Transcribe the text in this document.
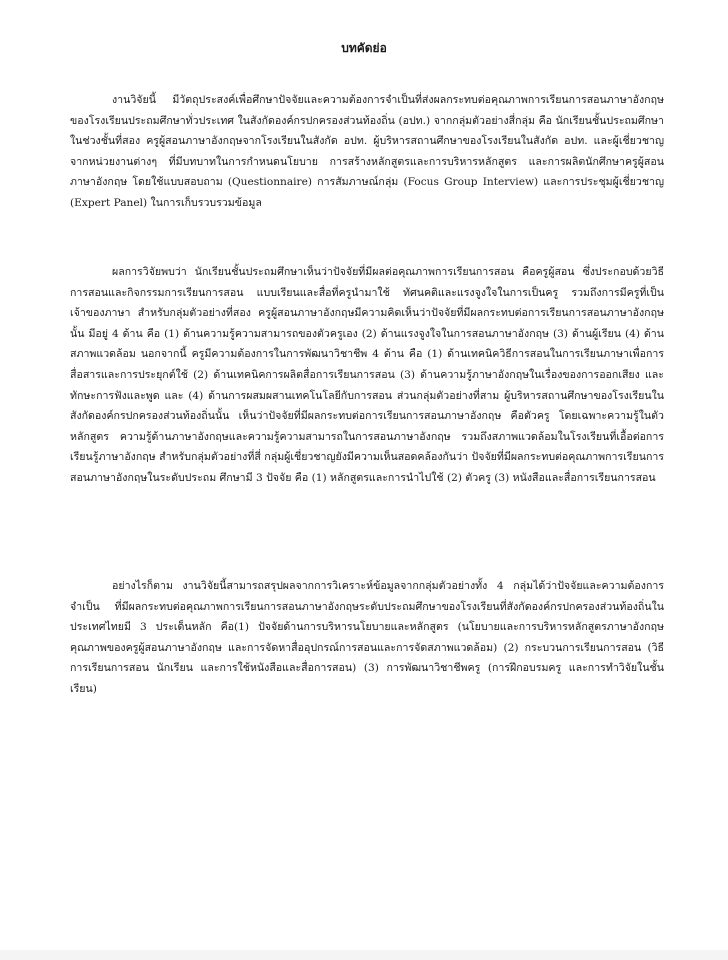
บทคัดย่อ

งานวิจัยนี้ มีวัตถุประสงค์เพื่อศึกษาปัจจัยและความต้องการจำเป็นที่ส่งผลกระทบต่อคุณภาพการเรียนการสอนภาษาอังกฤษของโรงเรียนประถมศึกษาทั่วประเทศ ในสังกัดองค์กรปกครองส่วนท้องถิ่น (อปท.) จากกลุ่มตัวอย่างสี่กลุ่ม คือ นักเรียนชั้นประถมศึกษาในช่วงชั้นที่สอง ครูผู้สอนภาษาอังกฤษจากโรงเรียนในสังกัด อปท. ผู้บริหารสถานศึกษาของโรงเรียนในสังกัด อปท. และผู้เชี่ยวชาญจากหน่วยงานต่างๆ ที่มีบทบาทในการกำหนดนโยบาย การสร้างหลักสูตรและการบริหารหลักสูตร และการผลิตนักศึกษาครูผู้สอนภาษาอังกฤษ โดยใช้แบบสอบถาม (Questionnaire) การสัมภาษณ์กลุ่ม (Focus Group Interview) และการประชุมผู้เชี่ยวชาญ (Expert Panel) ในการเก็บรวบรวมข้อมูล

ผลการวิจัยพบว่า นักเรียนชั้นประถมศึกษาเห็นว่าปัจจัยที่มีผลต่อคุณภาพการเรียนการสอน คือครูผู้สอน ซึ่งประกอบด้วยวิธีการสอนและกิจกรรมการเรียนการสอน แบบเรียนและสื่อที่ครูนำมาใช้ ทัศนคติและแรงจูงใจในการเป็นครู รวมถึงการมีครูที่เป็นเจ้าของภาษา สำหรับกลุ่มตัวอย่างที่สอง ครูผู้สอนภาษาอังกฤษมีความคิดเห็นว่าปัจจัยที่มีผลกระทบต่อการเรียนการสอนภาษาอังกฤษนั้น มีอยู่ 4 ด้าน คือ (1) ด้านความรู้ความสามารถของตัวครูเอง (2) ด้านแรงจูงใจในการสอนภาษาอังกฤษ (3) ด้านผู้เรียน (4) ด้านสภาพแวดล้อม นอกจากนี้ ครูมีความต้องการในการพัฒนาวิชาชีพ 4 ด้าน คือ (1) ด้านเทคนิควิธีการสอนในการเรียนภาษาเพื่อการสื่อสารและการประยุกต์ใช้ (2) ด้านเทคนิคการผลิตสื่อการเรียนการสอน (3) ด้านความรู้ภาษาอังกฤษในเรื่องของการออกเสียง และทักษะการฟังและพูด และ (4) ด้านการผสมผสานเทคโนโลยีกับการสอน ส่วนกลุ่มตัวอย่างที่สาม ผู้บริหารสถานศึกษาของโรงเรียนในสังกัดองค์กรปกครองส่วนท้องถิ่นนั้น เห็นว่าปัจจัยที่มีผลกระทบต่อการเรียนการสอนภาษาอังกฤษ คือตัวครู โดยเฉพาะความรู้ในตัวหลักสูตร ความรู้ด้านภาษาอังกฤษและความรู้ความสามารถในการสอนภาษาอังกฤษ รวมถึงสภาพแวดล้อมในโรงเรียนที่เอื้อต่อการเรียนรู้ภาษาอังกฤษ สำหรับกลุ่มตัวอย่างที่สี่ กลุ่มผู้เชี่ยวชาญยังมีความเห็นสอดคล้องกันว่า ปัจจัยที่มีผลกระทบต่อคุณภาพการเรียนการสอนภาษาอังกฤษในระดับประถม ศึกษามี 3 ปัจจัย คือ (1) หลักสูตรและการนำไปใช้ (2) ตัวครู (3) หนังสือและสื่อการเรียนการสอน

อย่างไรก็ตาม งานวิจัยนี้สามารถสรุปผลจากการวิเคราะห์ข้อมูลจากกลุ่มตัวอย่างทั้ง 4 กลุ่มได้ว่าปัจจัยและความต้องการจำเป็น ที่มีผลกระทบต่อคุณภาพการเรียนการสอนภาษาอังกฤษระดับประถมศึกษาของโรงเรียนที่สังกัดองค์กรปกครองส่วนท้องถิ่นในประเทศไทยมี 3 ประเด็นหลัก คือ(1) ปัจจัยด้านการบริหารนโยบายและหลักสูตร (นโยบายและการบริหารหลักสูตรภาษาอังกฤษ คุณภาพของครูผู้สอนภาษาอังกฤษ และการจัดหาสื่ออุปกรณ์การสอนและการจัดสภาพแวดล้อม) (2) กระบวนการเรียนการสอน (วิธีการเรียนการสอน นักเรียน และการใช้หนังสือและสื่อการสอน) (3) การพัฒนาวิชาชีพครู (การฝึกอบรมครู และการทำวิจัยในชั้นเรียน)
